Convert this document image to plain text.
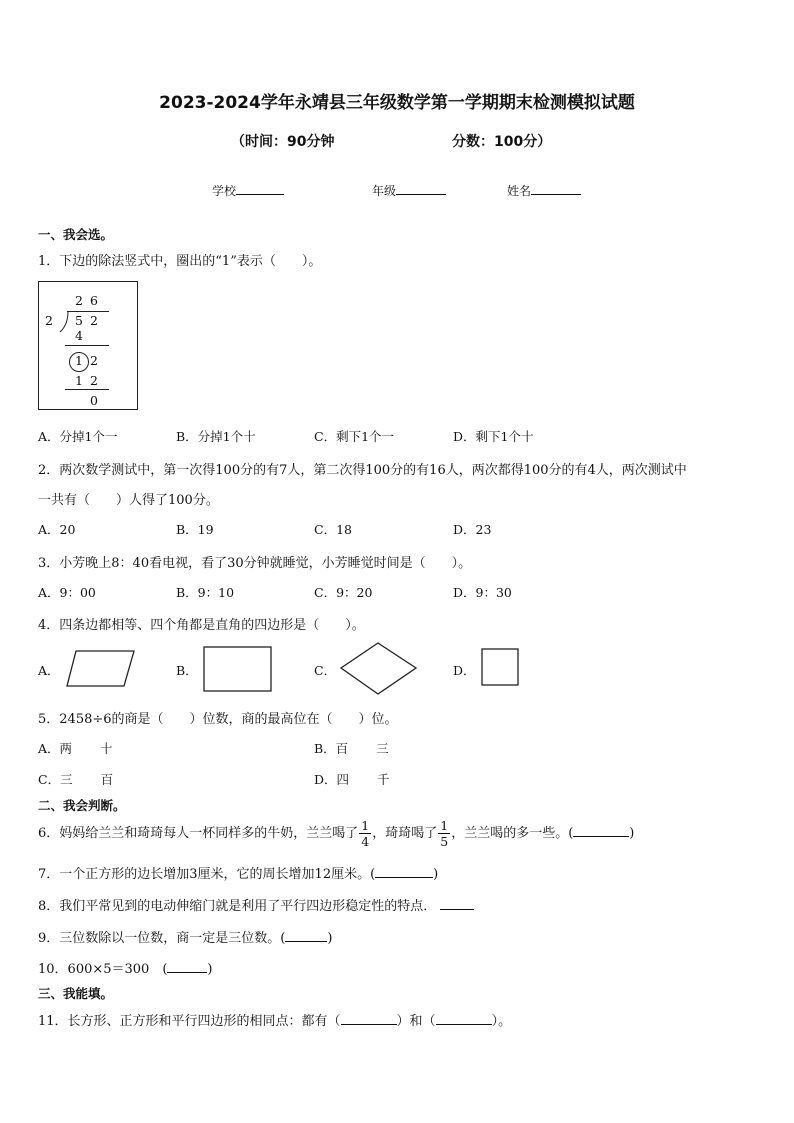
2023-2024学年永靖县三年级数学第一学期期末检测模拟试题
（时间：90分钟	分数：100分）
学校	年级	姓名
一、我会选。
1．下边的除法竖式中，圈出的“1”表示（　　）。
2 6
2 5 2
4
1 2
1 2
0
A．分掉1个一	B．分掉1个十	C．剩下1个一	D．剩下1个十
2．两次数学测试中，第一次得100分的有7人，第二次得100分的有16人，两次都得100分的有4人，两次测试中
一共有（　　）人得了100分。
A．20	B．19	C．18	D．23
3．小芳晚上8：40看电视，看了30分钟就睡觉，小芳睡觉时间是（　　）。
A．9：00	B．9：10	C．9：20	D．9：30
4．四条边都相等、四个角都是直角的四边形是（　　）。
A．	B．	C．	D．
5．2458÷6的商是（　　）位数，商的最高位在（　　）位。
A．两 十	B．百 三
C．三 百	D．四 千
二、我会判断。
6．妈妈给兰兰和琦琦每人一杯同样多的牛奶，兰兰喝了 $\frac{1}{4}$ ，琦琦喝了 $\frac{1}{5}$ ，兰兰喝的多一些。(	)
7．一个正方形的边长增加3厘米，它的周长增加12厘米。(	)
8．我们平常见到的电动伸缩门就是利用了平行四边形稳定性的特点．
9．三位数除以一位数，商一定是三位数。(	)
10．600×5＝300　(	)
三、我能填。
11．长方形、正方形和平行四边形的相同点：都有（	）和（	）。
